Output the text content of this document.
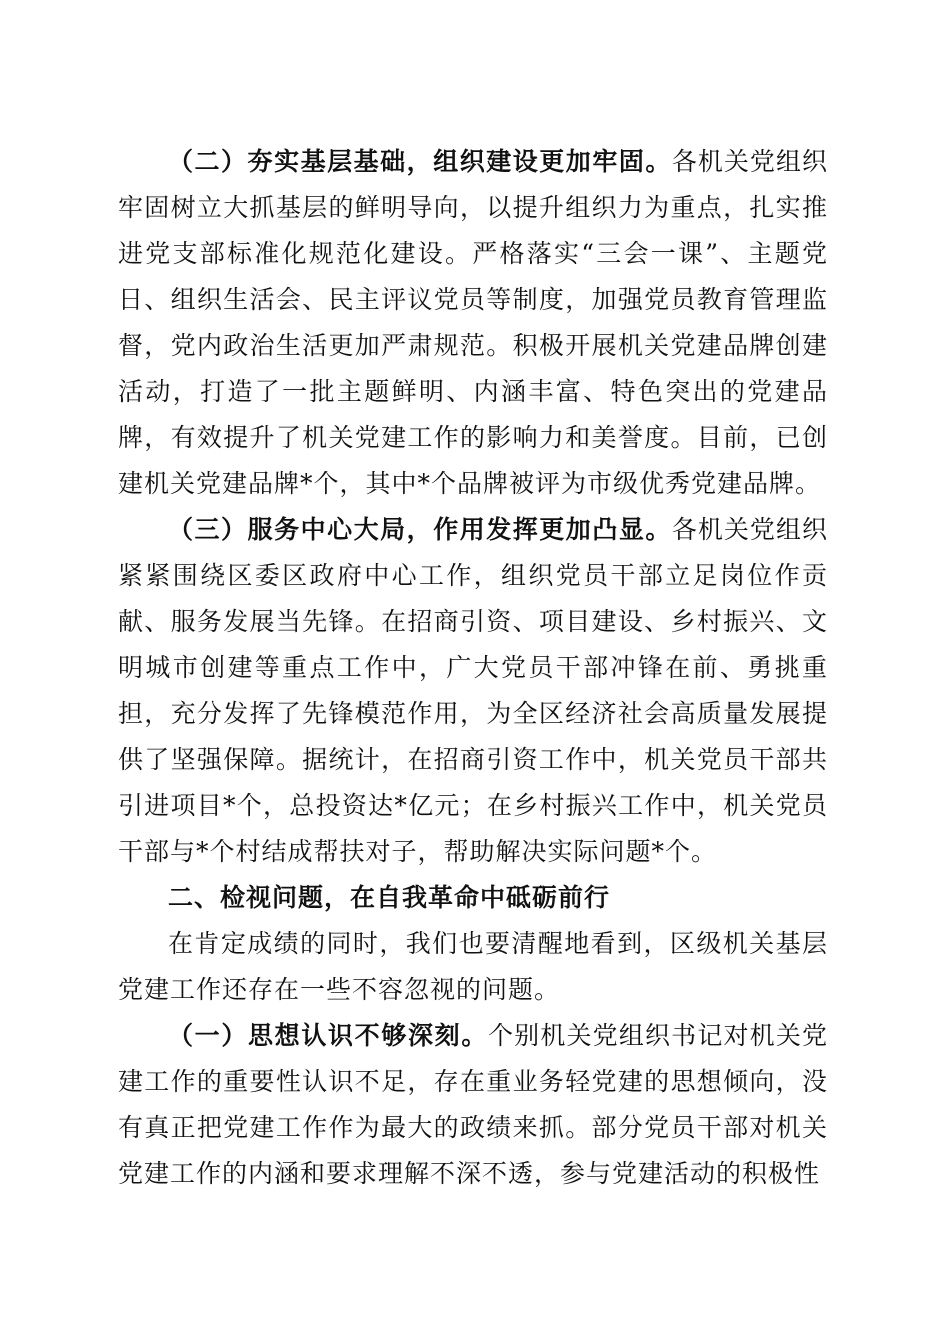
（二）夯实基层基础，组织建设更加牢固。各机关党组织牢固树立大抓基层的鲜明导向，以提升组织力为重点，扎实推进党支部标准化规范化建设。严格落实“三会一课”、主题党日、组织生活会、民主评议党员等制度，加强党员教育管理监督，党内政治生活更加严肃规范。积极开展机关党建品牌创建活动，打造了一批主题鲜明、内涵丰富、特色突出的党建品牌，有效提升了机关党建工作的影响力和美誉度。目前，已创建机关党建品牌*个，其中*个品牌被评为市级优秀党建品牌。

（三）服务中心大局，作用发挥更加凸显。各机关党组织紧紧围绕区委区政府中心工作，组织党员干部立足岗位作贡献、服务发展当先锋。在招商引资、项目建设、乡村振兴、文明城市创建等重点工作中，广大党员干部冲锋在前、勇挑重担，充分发挥了先锋模范作用，为全区经济社会高质量发展提供了坚强保障。据统计，在招商引资工作中，机关党员干部共引进项目*个，总投资达*亿元；在乡村振兴工作中，机关党员干部与*个村结成帮扶对子，帮助解决实际问题*个。

二、检视问题，在自我革命中砥砺前行

在肯定成绩的同时，我们也要清醒地看到，区级机关基层党建工作还存在一些不容忽视的问题。

（一）思想认识不够深刻。个别机关党组织书记对机关党建工作的重要性认识不足，存在重业务轻党建的思想倾向，没有真正把党建工作作为最大的政绩来抓。部分党员干部对机关党建工作的内涵和要求理解不深不透，参与党建活动的积极性
